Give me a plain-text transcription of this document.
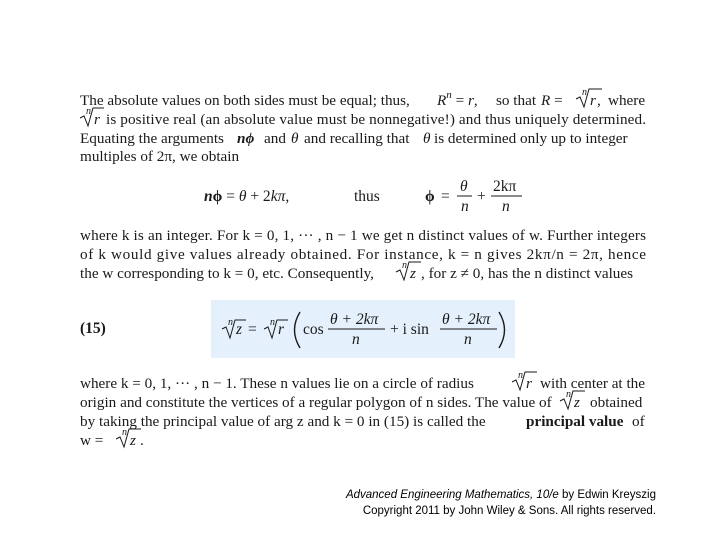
The absolute values on both sides must be equal; thus, $R^n = r$, so that R = n r , where
n r is positive real (an absolute value must be nonnegative!) and thus uniquely determined.
Equating the arguments nϕ and θ and recalling that θ is determined only up to integer
multiples of 2π, we obtain
nϕ = θ + 2kπ,	thus	ϕ =
θ
n
+
2kπ
n
where k is an integer. For k = 0, 1, ··· , n − 1 we get n distinct values of w. Further integers
of k would give values already obtained. For instance, k = n gives 2kπ/n = 2π, hence
the w corresponding to k = 0, etc. Consequently,	n z , for z ≠ 0, has the n distinct values
(15)	n z = n r cos
θ + 2kπ
n
+ i sin
θ + 2kπ
n
where k = 0, 1, ··· , n − 1. These n values lie on a circle of radius	n r with center at the
origin and constitute the vertices of a regular polygon of n sides. The value of n z obtained
by taking the principal value of arg z and k = 0 in (15) is called the	principal value of
w = n z .
Advanced Engineering Mathematics, 10/e by Edwin Kreyszig
Copyright 2011 by John Wiley & Sons. All rights reserved.
